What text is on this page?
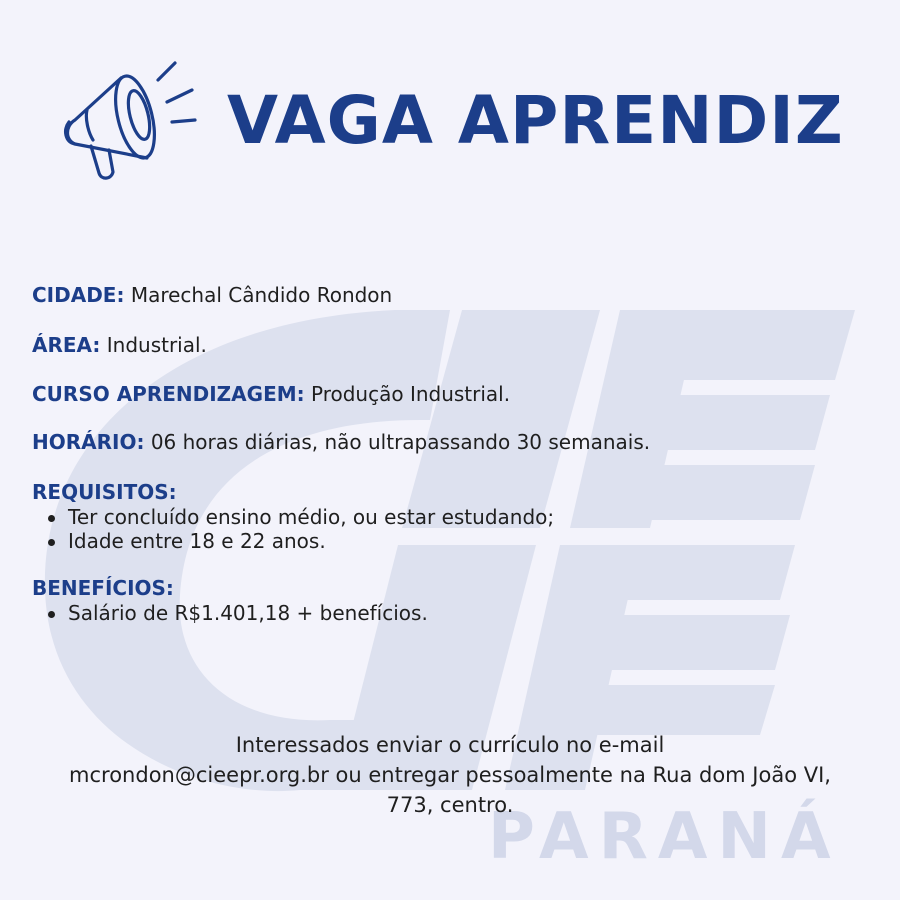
PARANÁ
VAGA APRENDIZ

CIDADE: Marechal Cândido Rondon

ÁREA: Industrial.

CURSO APRENDIZAGEM: Produção Industrial.

HORÁRIO: 06 horas diárias, não ultrapassando 30 semanais.

REQUISITOS:

Ter concluído ensino médio, ou estar estudando;
Idade entre 18 e 22 anos.

BENEFÍCIOS:

Salário de R$1.401,18 + benefícios.
Interessados enviar o currículo no e-mail
mcrondon@cieepr.org.br ou entregar pessoalmente na Rua dom João VI,
773, centro.
